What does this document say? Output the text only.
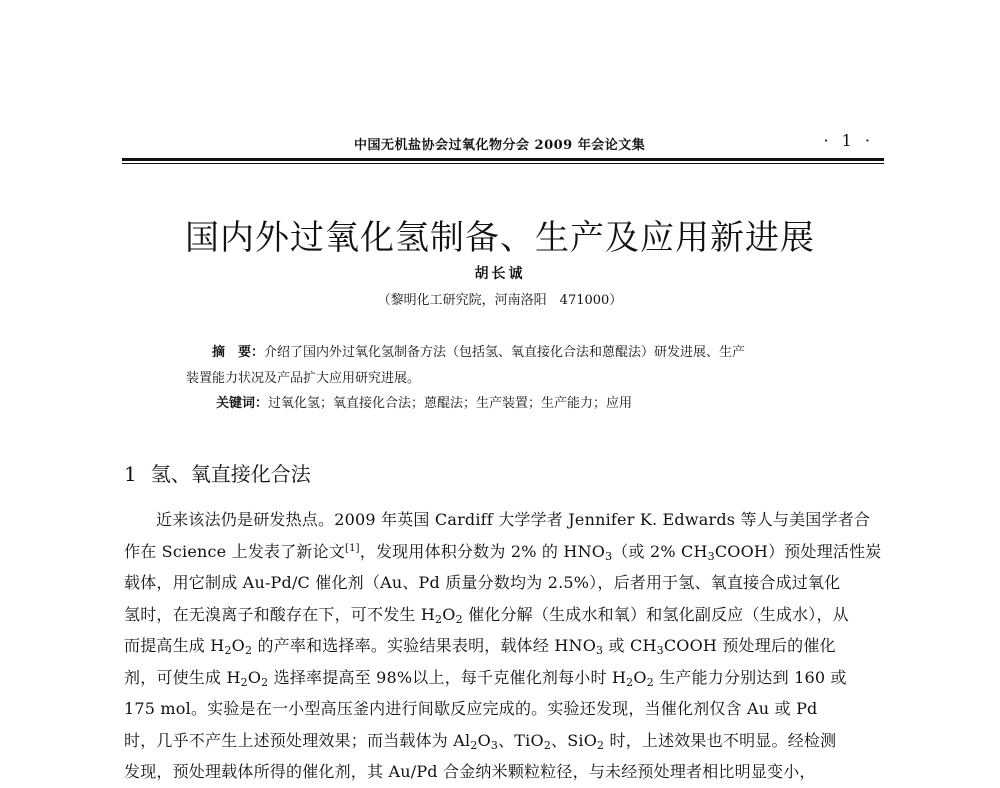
中国无机盐协会过氧化物分会 2009 年会论文集	· 1 ·
国内外过氧化氢制备、生产及应用新进展
胡长诚
（黎明化工研究院，河南洛阳　471000）
摘　要：介绍了国内外过氧化氢制备方法（包括氢、氧直接化合法和蒽醌法）研发进展、生产
装置能力状况及产品扩大应用研究进展。
关键词：过氧化氢；氧直接化合法；蒽醌法；生产装置；生产能力；应用
1 氢、氧直接化合法
近来该法仍是研发热点。2009 年英国 Cardiff 大学学者 Jennifer K. Edwards 等人与美国学者合
作在 Science 上发表了新论文[1]，发现用体积分数为 2% 的 $HNO_3$（或 2% $CH_3COOH$）预处理活性炭
载体，用它制成 Au-Pd/C 催化剂（Au、Pd 质量分数均为 2.5%），后者用于氢、氧直接合成过氧化
氢时，在无溴离子和酸存在下，可不发生 $H_2O_2$ 催化分解（生成水和氧）和氢化副反应（生成水），从
而提高生成 $H_2O_2$ 的产率和选择率。实验结果表明，载体经 $HNO_3$ 或 $CH_3COOH$ 预处理后的催化
剂，可使生成 $H_2O_2$ 选择率提高至 98%以上，每千克催化剂每小时 $H_2O_2$ 生产能力分别达到 160 或
175 mol。实验是在一小型高压釜内进行间歇反应完成的。实验还发现，当催化剂仅含 Au 或 Pd
时，几乎不产生上述预处理效果；而当载体为 $Al_2O_3$、TiO$_2$、SiO$_2$ 时，上述效果也不明显。经检测
发现，预处理载体所得的催化剂，其 Au/Pd 合金纳米颗粒粒径，与未经预处理者相比明显变小，
